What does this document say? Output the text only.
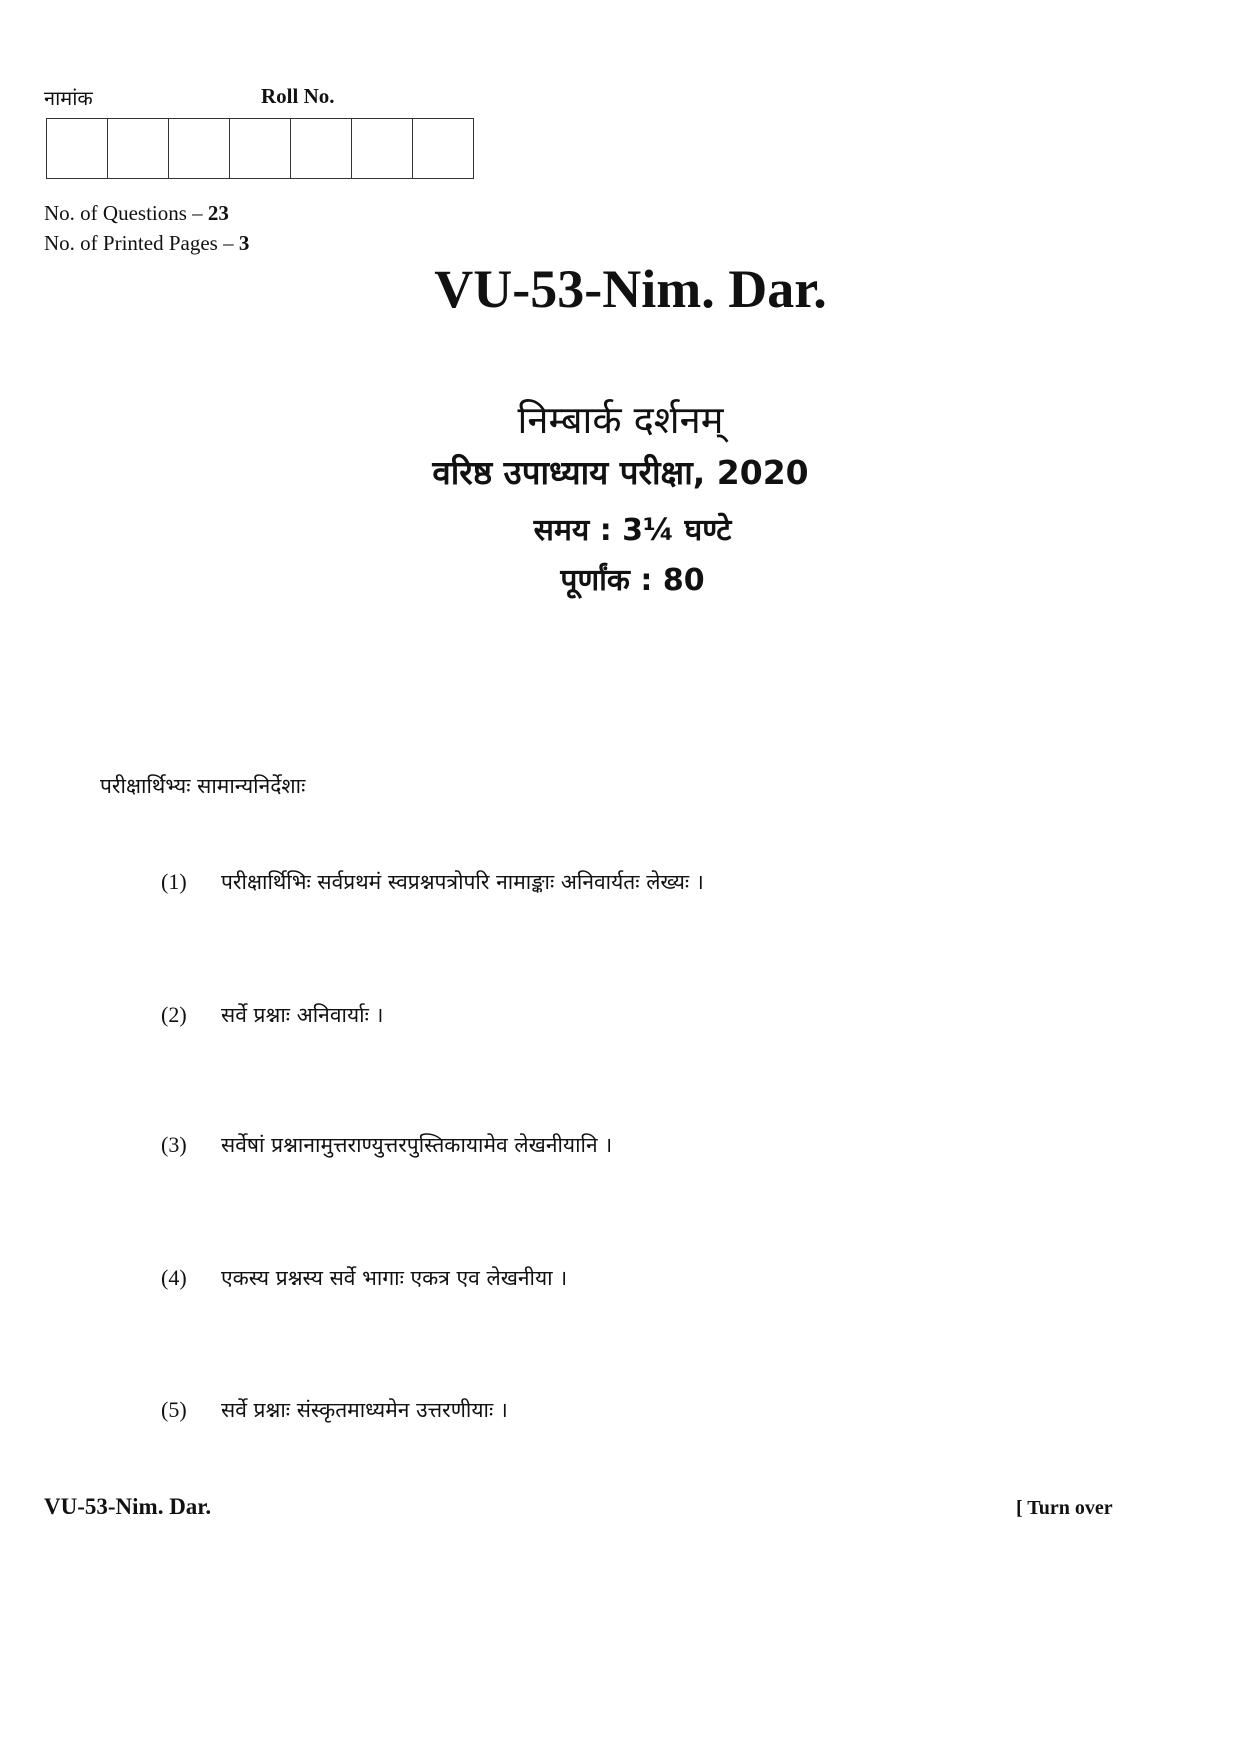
नामांक	Roll No.
No. of Questions – 23
No. of Printed Pages – 3
VU-53-Nim. Dar.
निम्बार्क दर्शनम्
वरिष्ठ उपाध्याय परीक्षा, 2020
समय : 3¼ घण्टे
पूर्णांक : 80
परीक्षार्थिभ्यः सामान्यनिर्देशाः
(1) परीक्षार्थिभिः सर्वप्रथमं स्वप्रश्नपत्रोपरि नामाङ्काः अनिवार्यतः लेख्यः ।
(2) सर्वे प्रश्नाः अनिवार्याः ।
(3) सर्वेषां प्रश्नानामुत्तराण्युत्तरपुस्तिकायामेव लेखनीयानि ।
(4) एकस्य प्रश्नस्य सर्वे भागाः एकत्र एव लेखनीया ।
(5) सर्वे प्रश्नाः संस्कृतमाध्यमेन उत्तरणीयाः ।
VU-53-Nim. Dar.	[ Turn over
